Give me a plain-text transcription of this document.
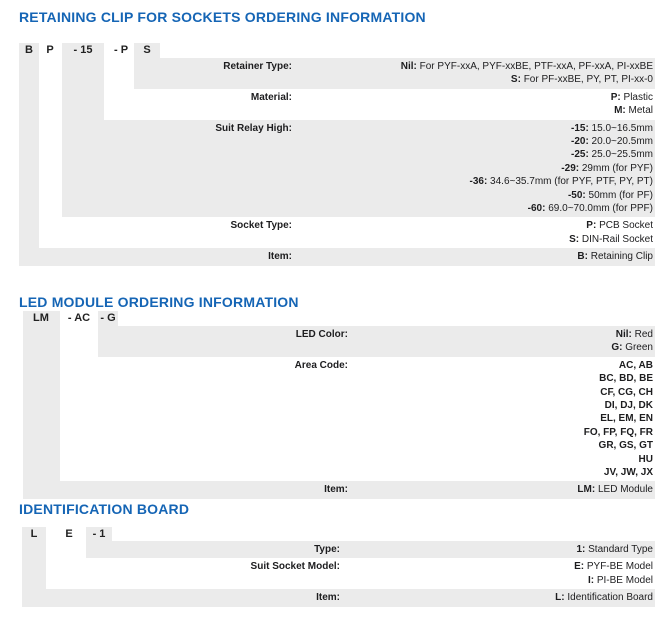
RETAINING CLIP FOR SOCKETS ORDERING INFORMATION
B P - 15 - P S
Retainer Type:	Nil: For PYF-xxA, PYF-xxBE, PTF-xxA, PF-xxA, PI-xxBE
S: For PF-xxBE, PY, PT, PI-xx-0
Material:	P: Plastic
M: Metal
Suit Relay High:	-15: 15.0~16.5mm
-20: 20.0~20.5mm
-25: 25.0~25.5mm
-29: 29mm (for PYF)
-36: 34.6~35.7mm (for PYF, PTF, PY, PT)
-50: 50mm (for PF)
-60: 69.0~70.0mm (for PPF)
Socket Type:	P: PCB Socket
S: DIN-Rail Socket
Item:	B: Retaining Clip
LED MODULE ORDERING INFORMATION
LM - AC - G
LED Color:	Nil: Red
G: Green
Area Code:	AC, AB
BC, BD, BE
CF, CG, CH
DI, DJ, DK
EL, EM, EN
FO, FP, FQ, FR
GR, GS, GT
HU
JV, JW, JX
Item:	LM: LED Module
IDENTIFICATION BOARD
L	E - 1
Type:	1: Standard Type
Suit Socket Model:	E: PYF-BE Model
I: PI-BE Model
Item:	L: Identification Board
